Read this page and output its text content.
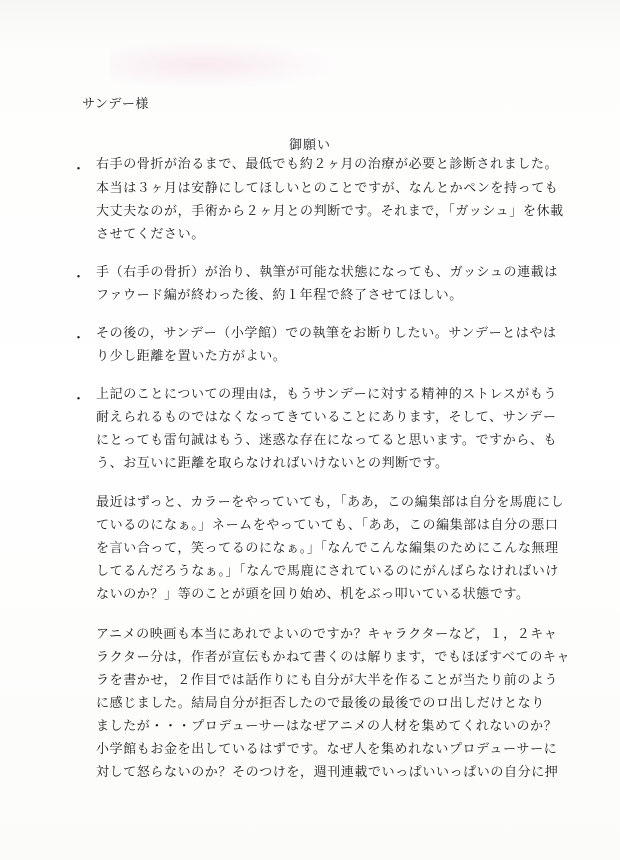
サンデー様
御願い
・ 右手の骨折が治るまで、最低でも約２ヶ月の治療が必要と診断されました。
本当は３ヶ月は安静にしてほしいとのことですが、なんとかペンを持っても
大丈夫なのが，手術から２ヶ月との判断です。それまで，「ガッシュ」を休載
させてください。
・ 手（右手の骨折）が治り、執筆が可能な状態になっても、ガッシュの連載は
ファウード編が終わった後、約１年程で終了させてほしい。
・ その後の，サンデー（小学館）での執筆をお断りしたい。サンデーとはやは
り少し距離を置いた方がよい。
・ 上記のことについての理由は，もうサンデーに対する精神的ストレスがもう
耐えられるものではなくなってきていることにあります，そして、サンデー
にとっても雷句誠はもう、迷惑な存在になってると思います。ですから、も
う、お互いに距離を取らなければいけないとの判断です。
最近はずっと、カラーをやっていても，「ああ，この編集部は自分を馬鹿にし
ているのになぁ。」ネームをやっていても、「ああ，この編集部は自分の悪口
を言い合って，笑ってるのになぁ。」「なんでこんな編集のためにこんな無理
してるんだろうなぁ。」「なんで馬鹿にされているのにがんばらなければいけ
ないのか？」等のことが頭を回り始め、机をぶっ叩いている状態です。
アニメの映画も本当にあれでよいのですか？キャラクターなど，１，２キャ
ラクター分は，作者が宣伝もかねて書くのは解ります，でもほぼすべてのキャ
ラを書かせ，２作目では話作りにも自分が大半を作ることが当たり前のよう
に感じました。結局自分が拒否したので最後の最後でのロ出しだけとなり
ましたが・・・プロデューサーはなぜアニメの人材を集めてくれないのか？
小学館もお金を出しているはずです。なぜ人を集めれないプロデューサーに
対して怒らないのか？そのつけを，週刊連載でいっぱいいっぱいの自分に押
